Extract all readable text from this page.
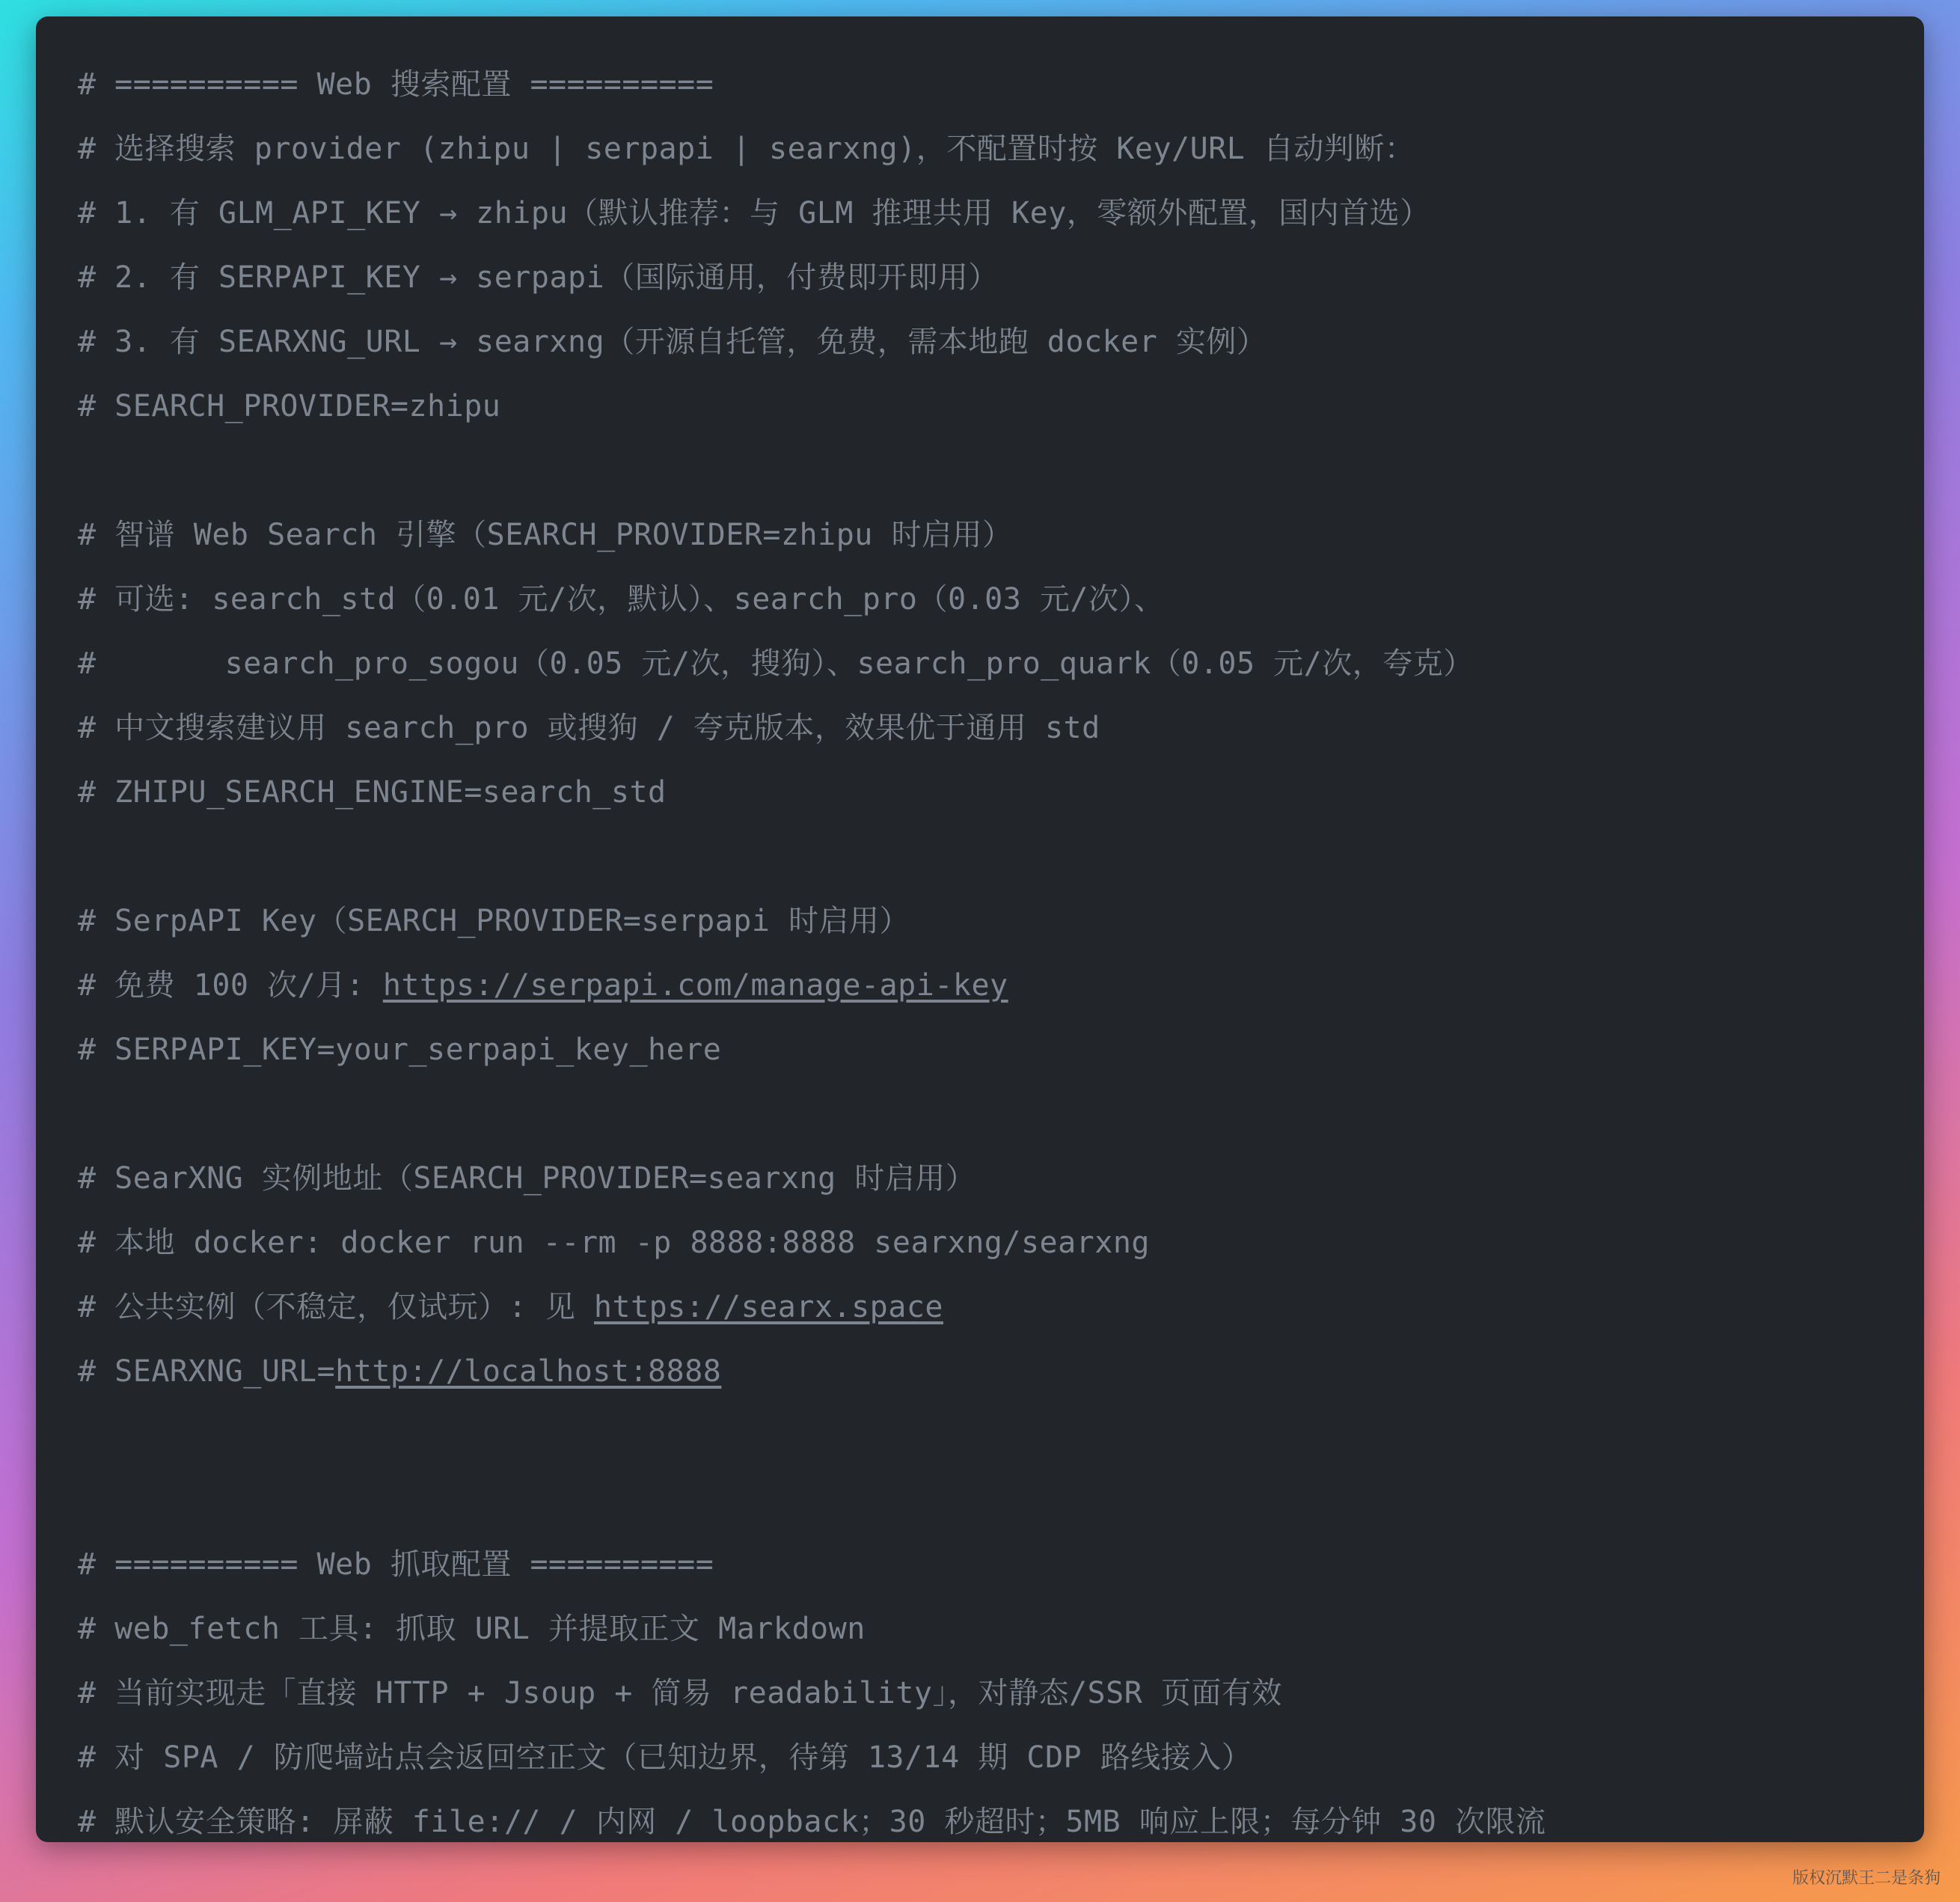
# ========== Web 搜索配置 ==========
# 选择搜索 provider (zhipu | serpapi | searxng)，不配置时按 Key/URL 自动判断：
# 1. 有 GLM_API_KEY → zhipu（默认推荐：与 GLM 推理共用 Key，零额外配置，国内首选）
# 2. 有 SERPAPI_KEY → serpapi（国际通用，付费即开即用）
# 3. 有 SEARXNG_URL → searxng（开源自托管，免费，需本地跑 docker 实例）
# SEARCH_PROVIDER=zhipu

# 智谱 Web Search 引擎（SEARCH_PROVIDER=zhipu 时启用）
# 可选: search_std（0.01 元/次，默认）、search_pro（0.03 元/次）、
#       search_pro_sogou（0.05 元/次，搜狗）、search_pro_quark（0.05 元/次，夸克）
# 中文搜索建议用 search_pro 或搜狗 / 夸克版本，效果优于通用 std
# ZHIPU_SEARCH_ENGINE=search_std

# SerpAPI Key（SEARCH_PROVIDER=serpapi 时启用）
# 免费 100 次/月: https://serpapi.com/manage-api-key
# SERPAPI_KEY=your_serpapi_key_here

# SearXNG 实例地址（SEARCH_PROVIDER=searxng 时启用）
# 本地 docker: docker run --rm -p 8888:8888 searxng/searxng
# 公共实例（不稳定，仅试玩）: 见 https://searx.space
# SEARXNG_URL=http://localhost:8888

# ========== Web 抓取配置 ==========
# web_fetch 工具: 抓取 URL 并提取正文 Markdown
# 当前实现走「直接 HTTP + Jsoup + 简易 readability」，对静态/SSR 页面有效
# 对 SPA / 防爬墙站点会返回空正文（已知边界，待第 13/14 期 CDP 路线接入）
# 默认安全策略: 屏蔽 file:// / 内网 / loopback；30 秒超时；5MB 响应上限；每分钟 30 次限流
版权沉默王二是条狗
